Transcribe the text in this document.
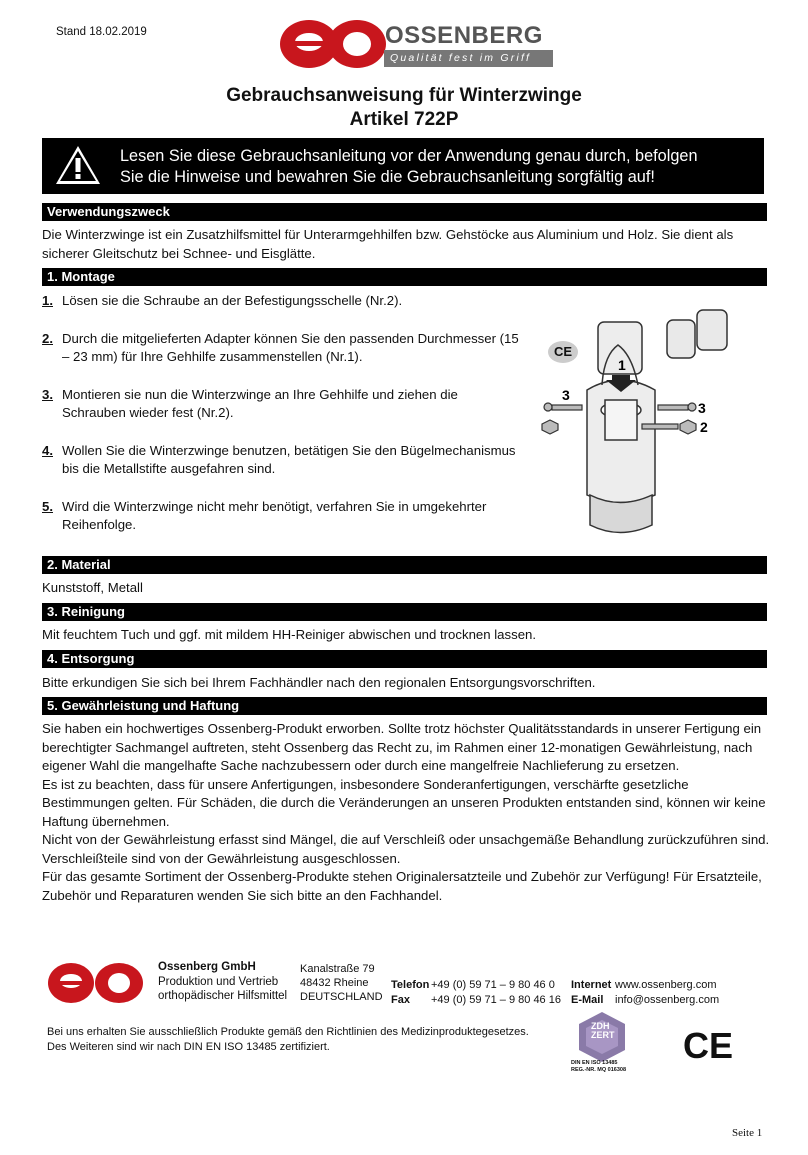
Stand 18.02.2019	OSSENBERG
Qualität fest im Griff
Gebrauchsanweisung für Winterzwinge
Artikel 722P
Lesen Sie diese Gebrauchsanleitung vor der Anwendung genau durch, befolgen
Sie die Hinweise und bewahren Sie die Gebrauchsanleitung sorgfältig auf!
Verwendungszweck
Die Winterzwinge ist ein Zusatzhilfsmittel für Unterarmgehhilfen bzw. Gehstöcke aus Aluminium und Holz. Sie dient als sicherer Gleitschutz bei Schnee- und Eisglätte.
1. Montage
1. Lösen sie die Schraube an der Befestigungsschelle (Nr.2).
2. Durch die mitgelieferten Adapter können Sie den passenden Durchmesser (15 – 23 mm) für Ihre Gehhilfe zusammenstellen (Nr.1).
3. Montieren sie nun die Winterzwinge an Ihre Gehhilfe und ziehen die Schrauben wieder fest (Nr.2).
4. Wollen Sie die Winterzwinge benutzen, betätigen Sie den Bügelmechanismus bis die Metallstifte ausgefahren sind.
5. Wird die Winterzwinge nicht mehr benötigt, verfahren Sie in umgekehrter Reihenfolge.
CE
1
3
3
2
2. Material
Kunststoff, Metall
3. Reinigung
Mit feuchtem Tuch und ggf. mit mildem HH-Reiniger abwischen und trocknen lassen.
4. Entsorgung
Bitte erkundigen Sie sich bei Ihrem Fachhändler nach den regionalen Entsorgungsvorschriften.
5. Gewährleistung und Haftung
Sie haben ein hochwertiges Ossenberg-Produkt erworben. Sollte trotz höchster Qualitätsstandards in unserer Fertigung ein berechtigter Sachmangel auftreten, steht Ossenberg das Recht zu, im Rahmen einer 12-monatigen Gewährleistung, nach eigener Wahl die mangelhafte Sache nachzubessern oder durch eine mangelfreie Nachlieferung zu ersetzen.
Es ist zu beachten, dass für unsere Anfertigungen, insbesondere Sonderanfertigungen, verschärfte gesetzliche Bestimmungen gelten. Für Schäden, die durch die Veränderungen an unseren Produkten entstanden sind, können wir keine Haftung übernehmen.
Nicht von der Gewährleistung erfasst sind Mängel, die auf Verschleiß oder unsachgemäße Behandlung zurückzuführen sind. Verschleißteile sind von der Gewährleistung ausgeschlossen.
Für das gesamte Sortiment der Ossenberg-Produkte stehen Originalersatzteile und Zubehör zur Verfügung! Für Ersatzteile, Zubehör und Reparaturen wenden Sie sich bitte an den Fachhandel.
Ossenberg GmbH
Produktion und Vertrieb
orthopädischer Hilfsmittel
Kanalstraße 79
48432 Rheine
DEUTSCHLAND
Telefon +49 (0) 59 71 – 9 80 46 0
Fax +49 (0) 59 71 – 9 80 46 16
Internet www.ossenberg.com
E-Mail info@ossenberg.com
Bei uns erhalten Sie ausschließlich Produkte gemäß den Richtlinien des Medizinproduktegesetzes.
Des Weiteren sind wir nach DIN EN ISO 13485 zertifiziert.
ZDH
ZERT
DIN EN ISO 13485
REG.-NR. MQ 016308
CE
Seite 1
